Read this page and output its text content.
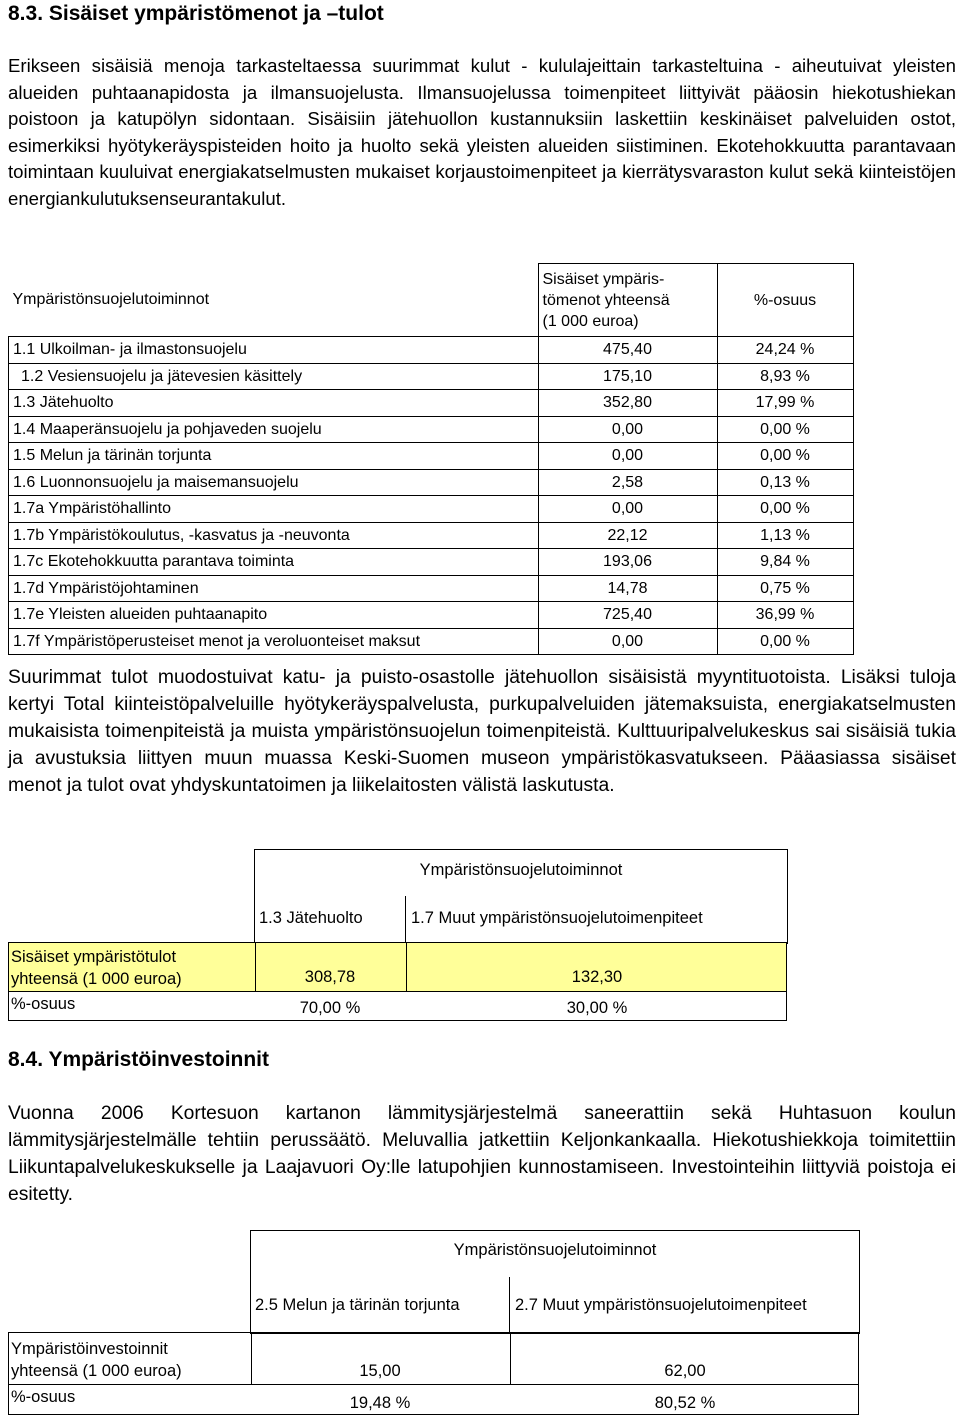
8.3. Sisäiset ympäristömenot ja –tulot
Erikseen sisäisiä menoja tarkasteltaessa suurimmat kulut - kululajeittain tarkasteltuina - aiheutuivat yleisten alueiden puhtaanapidosta ja ilmansuojelusta. Ilmansuojelussa toimenpiteet liittyivät pääosin hiekotushiekan poistoon ja katupölyn sidontaan. Sisäisiin jätehuollon kustannuksiin laskettiin keskinäiset palveluiden ostot, esimerkiksi hyötykeräyspisteiden hoito ja huolto sekä yleisten alueiden siistiminen. Ekotehokkuutta parantavaan toimintaan kuuluivat energiakatselmusten mukaiset korjaustoimenpiteet ja kierrätysvaraston kulut sekä kiinteistöjen energiankulutuksenseurantakulut.
Ympäristönsuojelutoiminnot	Sisäiset ympäris-
tömenot yhteensä
(1 000 euroa)	%-osuus
1.1 Ulkoilman- ja ilmastonsuojelu	475,40	24,24 %
1.2 Vesiensuojelu ja jätevesien käsittely	175,10	8,93 %
1.3 Jätehuolto	352,80	17,99 %
1.4 Maaperänsuojelu ja pohjaveden suojelu	0,00	0,00 %
1.5 Melun ja tärinän torjunta	0,00	0,00 %
1.6 Luonnonsuojelu ja maisemansuojelu	2,58	0,13 %
1.7a Ympäristöhallinto	0,00	0,00 %
1.7b Ympäristökoulutus, -kasvatus ja -neuvonta	22,12	1,13 %
1.7c Ekotehokkuutta parantava toiminta	193,06	9,84 %
1.7d Ympäristöjohtaminen	14,78	0,75 %
1.7e Yleisten alueiden puhtaanapito	725,40	36,99 %
1.7f Ympäristöperusteiset menot ja veroluonteiset maksut	0,00	0,00 %
Suurimmat tulot muodostuivat katu- ja puisto-osastolle jätehuollon sisäisistä myyntituotoista. Lisäksi tuloja kertyi Total kiinteistöpalveluille hyötykeräyspalvelusta, purkupalveluiden jätemaksuista, energiakatselmusten mukaisista toimenpiteistä ja muista ympäristönsuojelun toimenpiteistä. Kulttuuripalvelukeskus sai sisäisiä tukia ja avustuksia liittyen muun muassa Keski-Suomen museon ympäristökasvatukseen. Pääasiassa sisäiset menot ja tulot ovat yhdyskuntatoimen ja liikelaitosten välistä laskutusta.
Ympäristönsuojelutoiminnot
1.3 Jätehuolto	1.7 Muut ympäristönsuojelutoimenpiteet
Sisäiset ympäristötulot
yhteensä (1 000 euroa)	308,78	132,30
%-osuus	70,00 %	30,00 %
8.4. Ympäristöinvestoinnit
Vuonna 2006 Kortesuon kartanon lämmitysjärjestelmä saneerattiin sekä Huhtasuon koulun lämmitysjärjestelmälle tehtiin perussäätö. Meluvallia jatkettiin Keljonkankaalla. Hiekotushiekkoja toimitettiin Liikuntapalvelukeskukselle ja Laajavuori Oy:lle latupohjien kunnostamiseen. Investointeihin liittyviä poistoja ei esitetty.
Ympäristönsuojelutoiminnot
2.5 Melun ja tärinän torjunta	2.7 Muut ympäristönsuojelutoimenpiteet
Ympäristöinvestoinnit
yhteensä (1 000 euroa)	15,00	62,00
%-osuus	19,48 %	80,52 %
